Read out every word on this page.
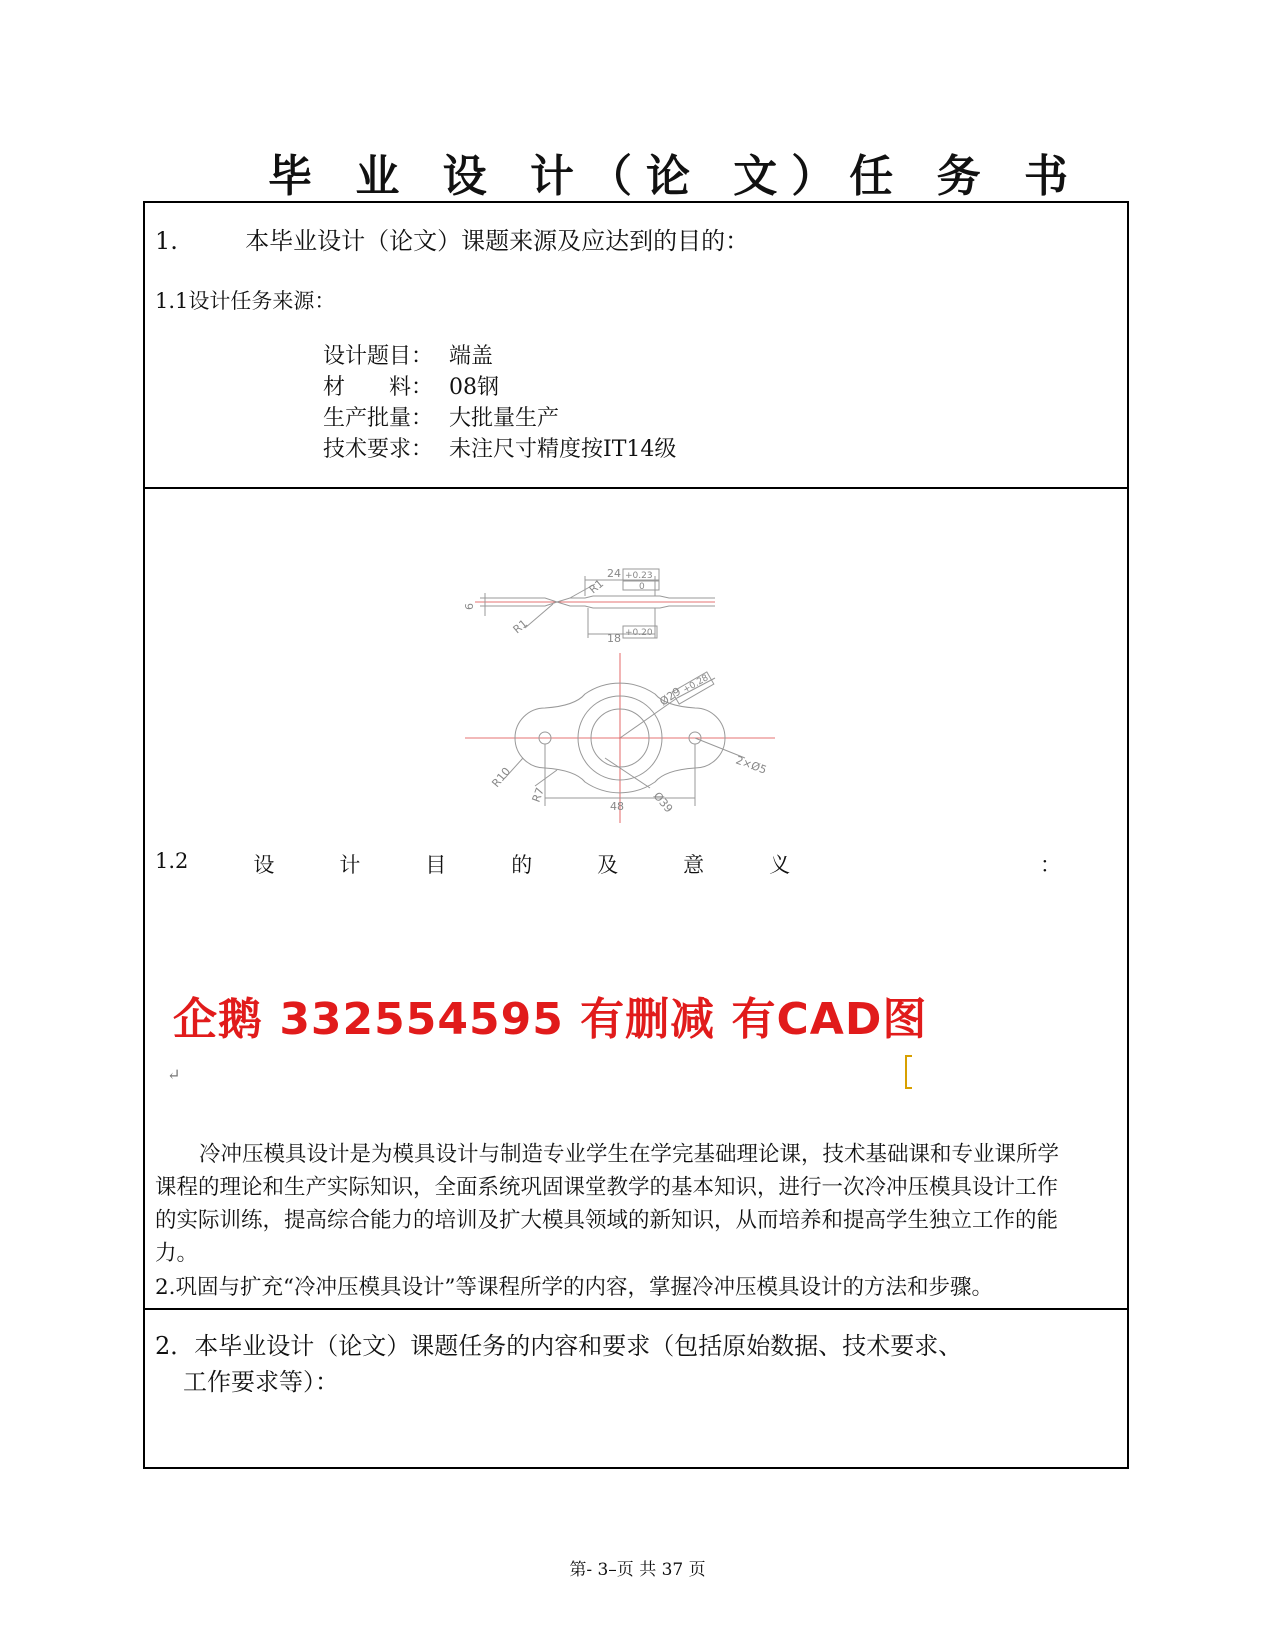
毕 业 设 计（论 文）任 务 书
1.	本毕业设计（论文）课题来源及应达到的目的：
1.1设计任务来源：
设计题目： 端盖
材　　料： 08钢
生产批量： 大批量生产
技术要求： 未注尺寸精度按IT14级
24 +0.23
0
R1
R1
6
18 +0.20
Ø29
+0.28
R10
R7
2×Ø5
Ø39
48
1.2	设	计	目	的	及	意	义	：
企鹅 332554595 有删减 有CAD图
↵
冷冲压模具设计是为模具设计与制造专业学生在学完基础理论课，技术基础课和专业课所学课程的理论和生产实际知识，全面系统巩固课堂教学的基本知识，进行一次冷冲压模具设计工作的实际训练，提高综合能力的培训及扩大模具领域的新知识，从而培养和提高学生独立工作的能力。
2.巩固与扩充“冷冲压模具设计”等课程所学的内容，掌握冷冲压模具设计的方法和步骤。
2．本毕业设计（论文）课题任务的内容和要求（包括原始数据、技术要求、
工作要求等）：
第- 3–页 共 37 页
